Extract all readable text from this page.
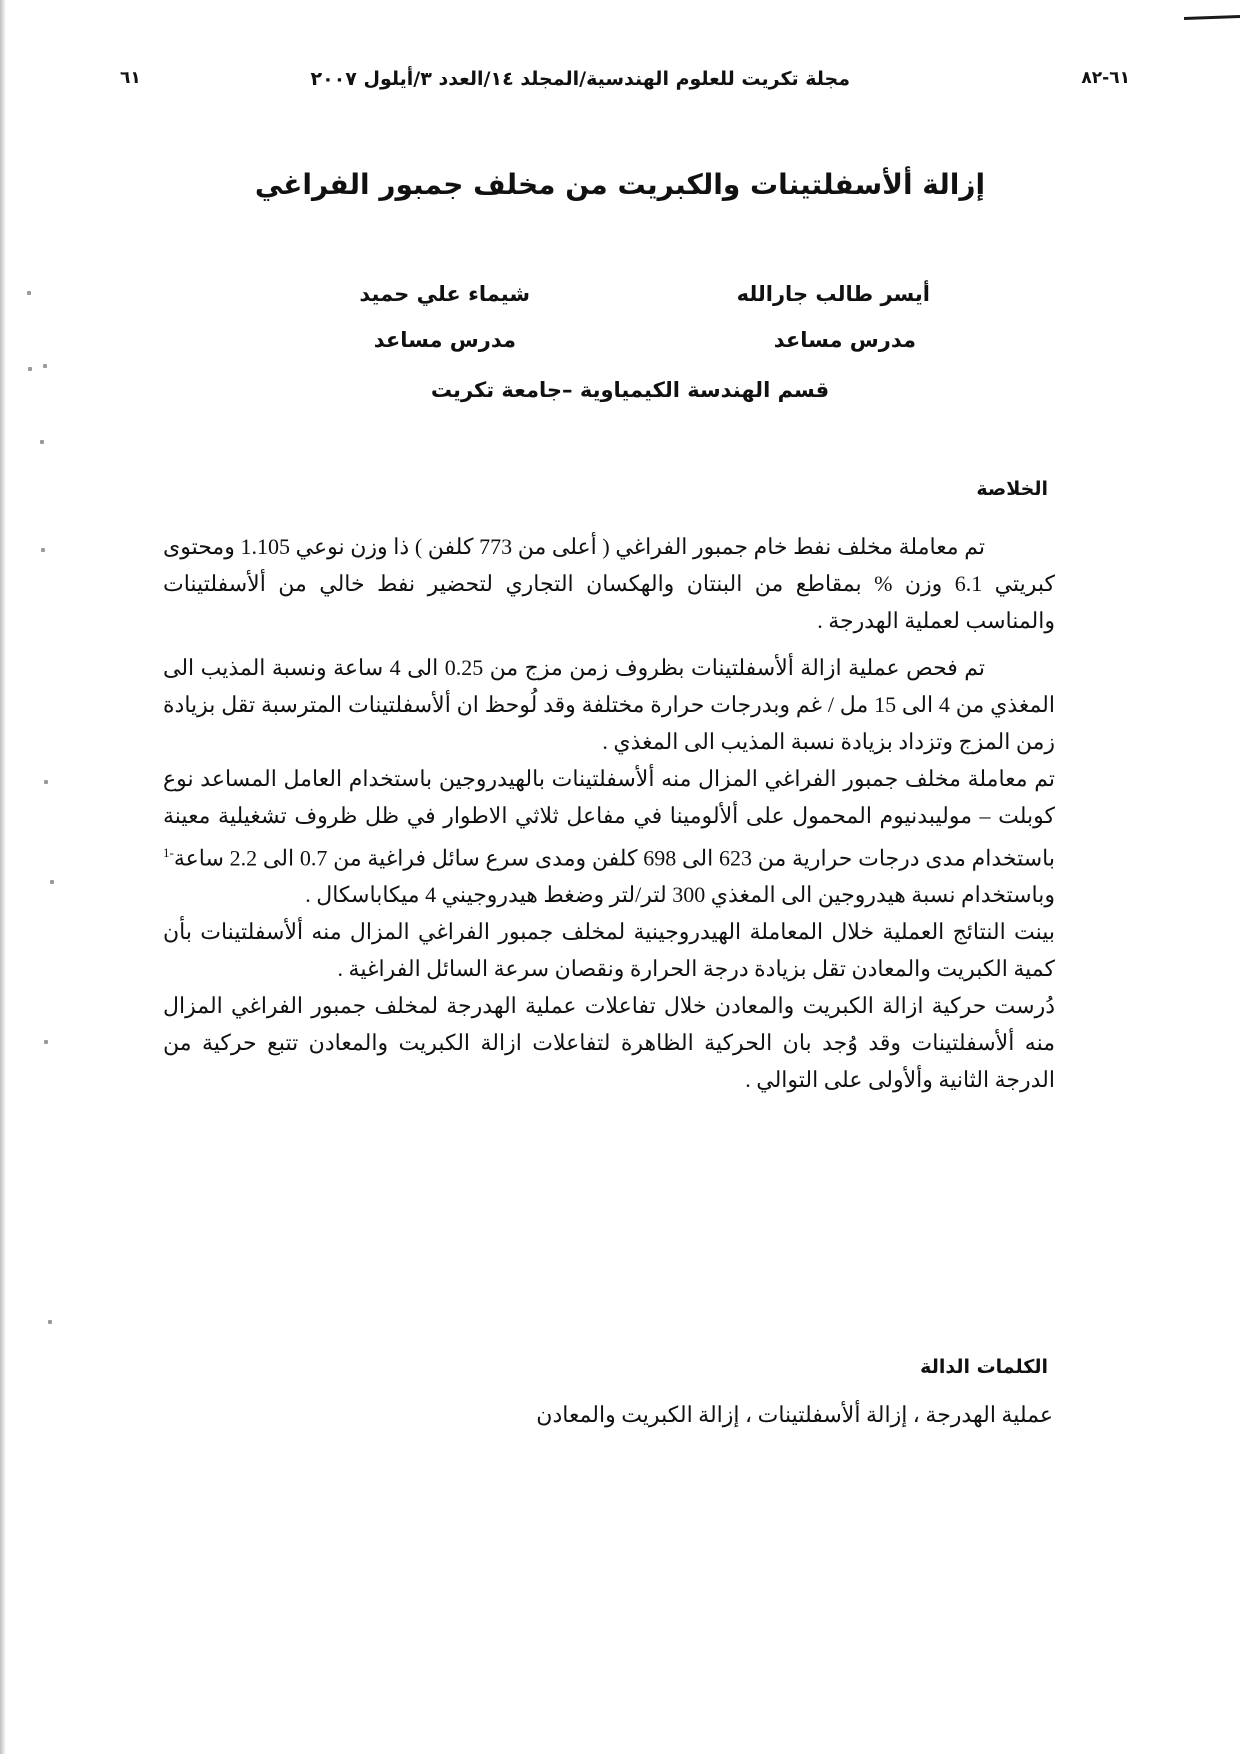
٦١-٨٢
مجلة تكريت للعلوم الهندسية/المجلد ١٤/العدد ٣/أيلول ٢٠٠٧
٦١
إزالة ألأسفلتينات والكبريت من مخلف جمبور الفراغي
أيسر طالب جارالله
مدرس مساعد
شيماء علي حميد
مدرس مساعد
قسم الهندسة الكيمياوية –جامعة تكريت
الخلاصة

تم معاملة مخلف نفط خام جمبور الفراغي ( أعلى من 773 كلفن ) ذا وزن نوعي 1.105 ومحتوى كبريتي 6.1 وزن % بمقاطع من البنتان والهكسان التجاري لتحضير نفط خالي من ألأسفلتينات والمناسب لعملية الهدرجة .

تم فحص عملية ازالة ألأسفلتينات بظروف زمن مزج من 0.25 الى 4 ساعة ونسبة المذيب الى المغذي من 4 الى 15 مل / غم وبدرجات حرارة مختلفة وقد لُوحظ ان ألأسفلتينات المترسبة تقل بزيادة زمن المزج وتزداد بزيادة نسبة المذيب الى المغذي .

تم معاملة مخلف جمبور الفراغي المزال منه ألأسفلتينات بالهيدروجين باستخدام العامل المساعد نوع كوبلت – موليبدنيوم المحمول على ألألومينا في مفاعل ثلاثي الاطوار في ظل ظروف تشغيلية معينة باستخدام مدى درجات حرارية من 623 الى 698 كلفن ومدى سرع سائل فراغية من 0.7 الى 2.2 ساعة$^{-1}$ وباستخدام نسبة هيدروجين الى المغذي 300 لتر/لتر وضغط هيدروجيني 4 ميكاباسكال .

بينت النتائج العملية خلال المعاملة الهيدروجينية لمخلف جمبور الفراغي المزال منه ألأسفلتينات بأن كمية الكبريت والمعادن تقل بزيادة درجة الحرارة ونقصان سرعة السائل الفراغية .

دُرست حركية ازالة الكبريت والمعادن خلال تفاعلات عملية الهدرجة لمخلف جمبور الفراغي المزال منه ألأسفلتينات وقد وُجد بان الحركية الظاهرة لتفاعلات ازالة الكبريت والمعادن تتبع حركية من الدرجة الثانية وألأولى على التوالي .

الكلمات الدالة
عملية الهدرجة ، إزالة ألأسفلتينات ، إزالة الكبريت والمعادن
